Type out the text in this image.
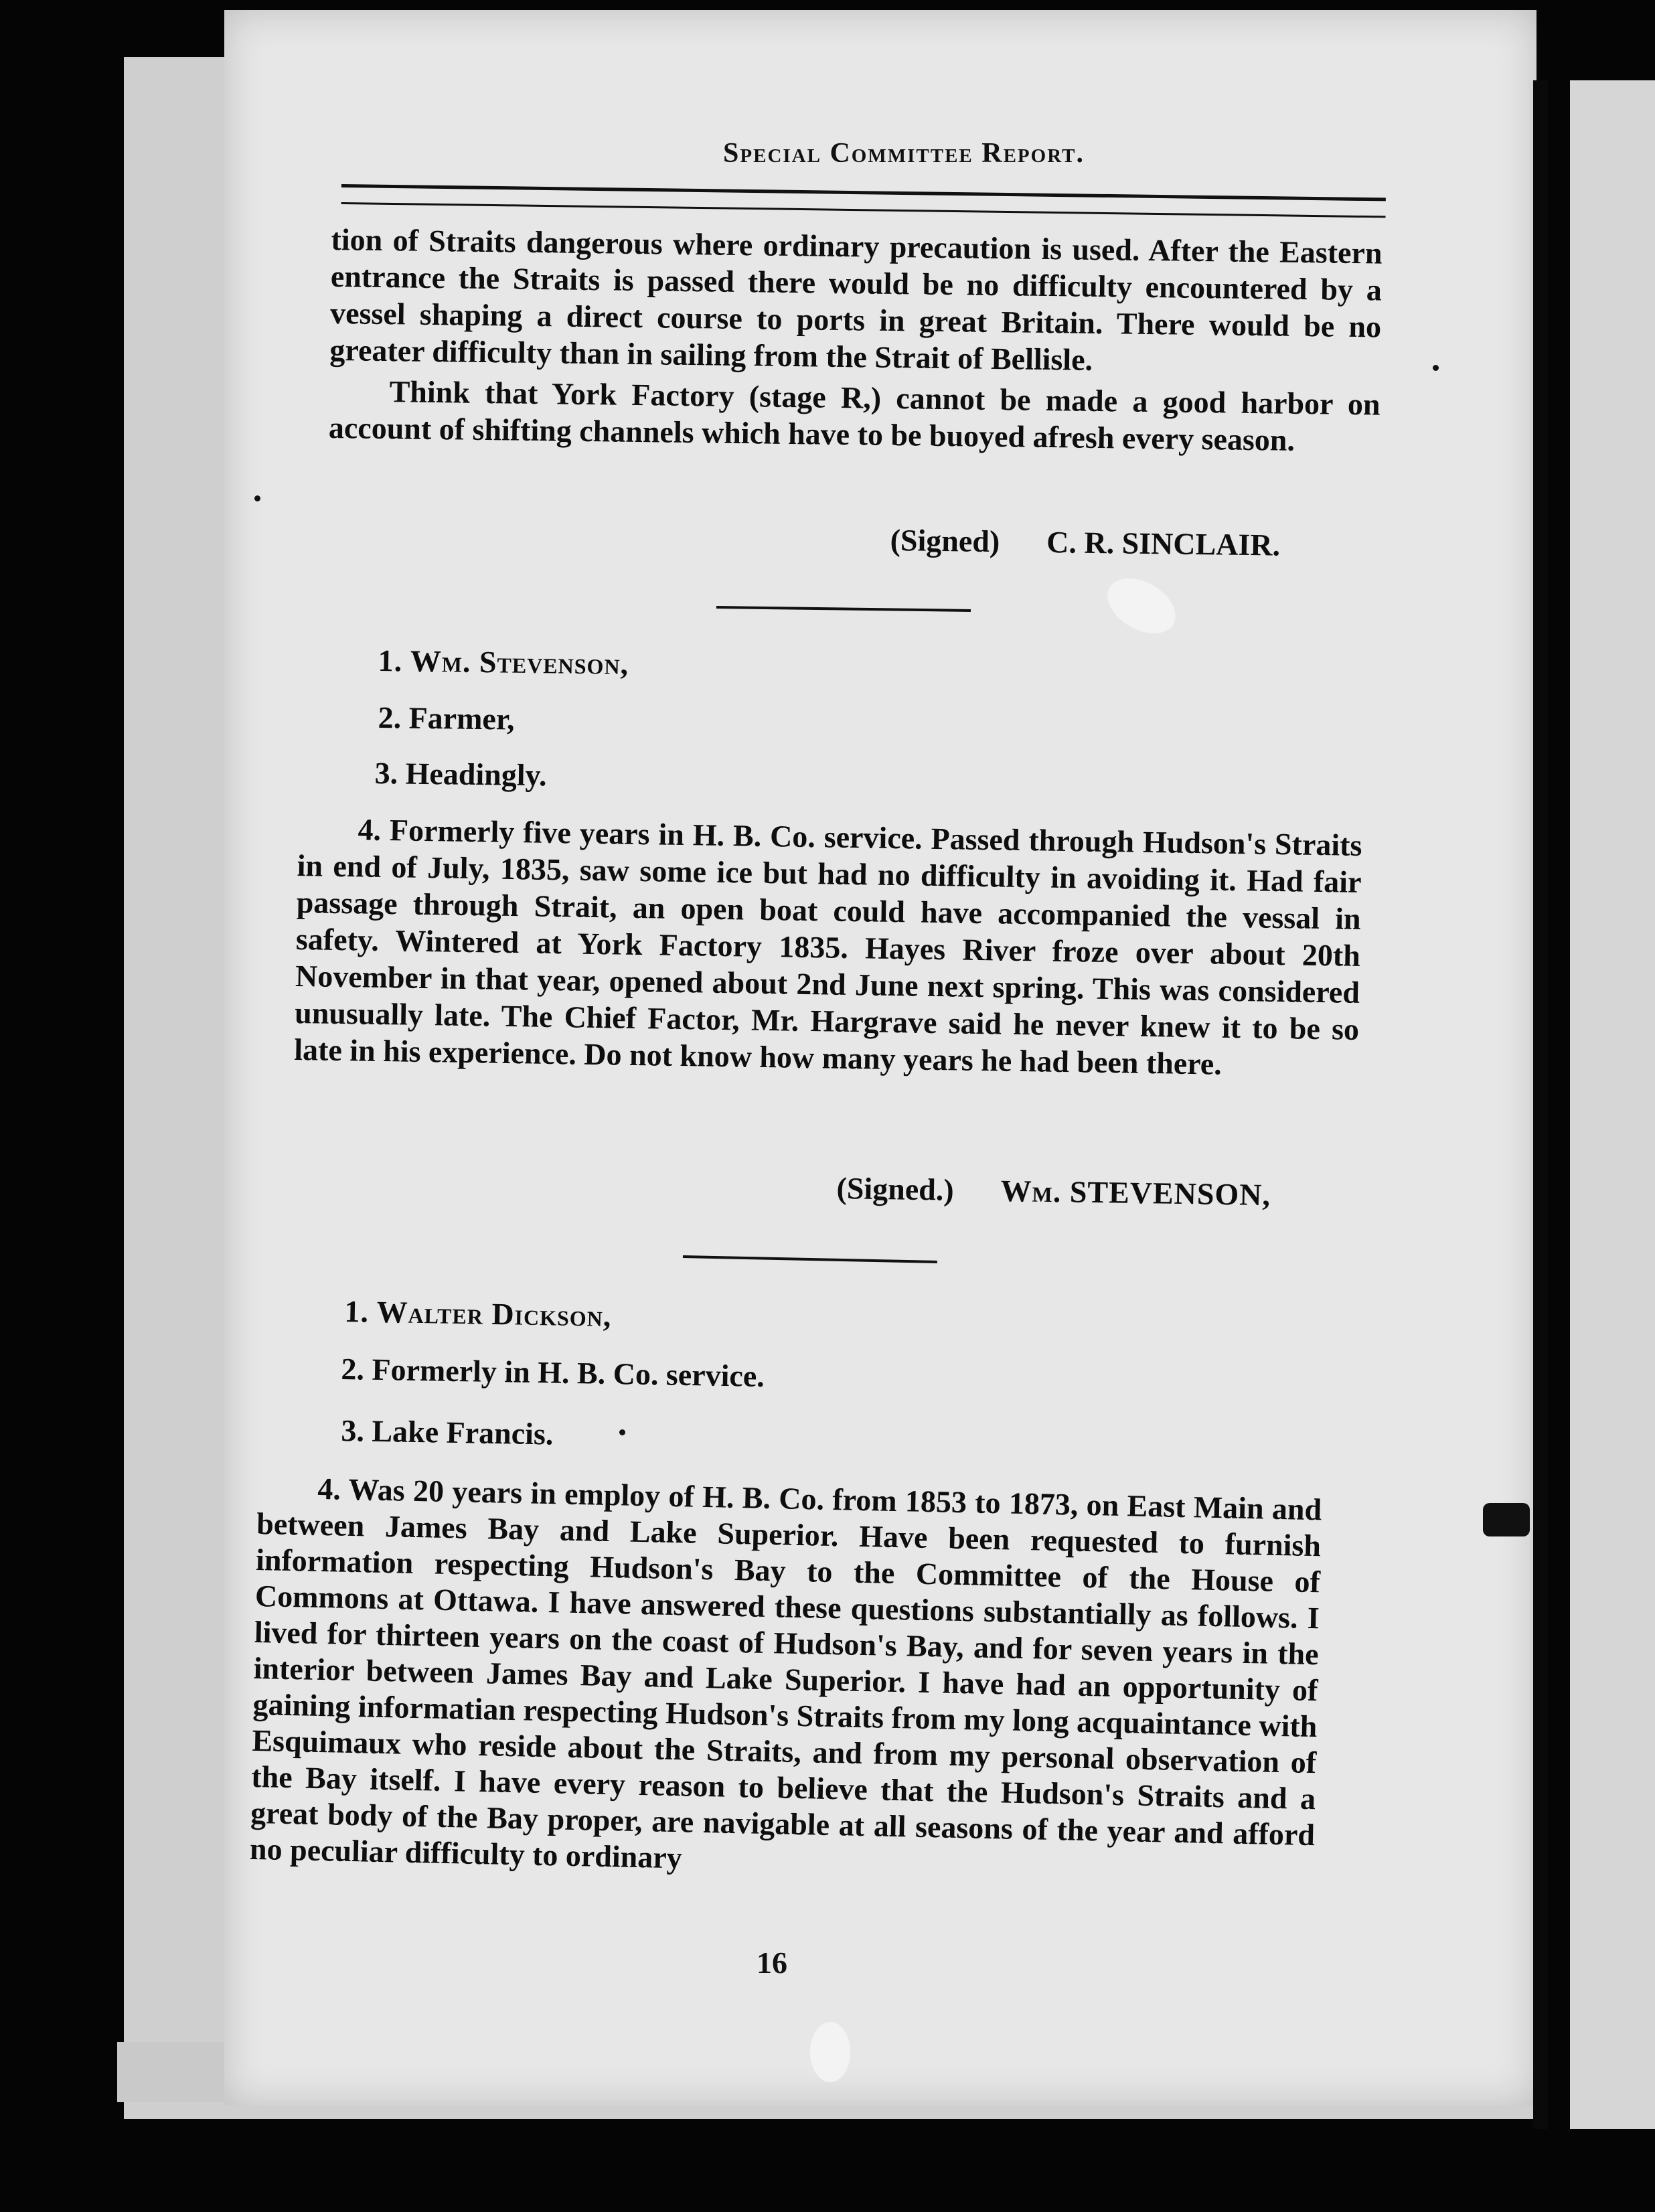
Special Committee Report.

tion of Straits dangerous where ordinary precaution is used. After the Eastern entrance the Straits is passed there would be no difficulty encountered by a vessel shaping a direct course to ports in great Britain. There would be no greater difficulty than in sailing from the Strait of Bellisle.

Think that York Factory (stage R,) cannot be made a good harbor on account of shifting channels which have to be buoyed afresh every season.

(Signed) C. R. SINCLAIR.
1. Wm. Stevenson,
2. Farmer,
3. Headingly.

4. Formerly five years in H. B. Co. service. Passed through Hudson's Straits in end of July, 1835, saw some ice but had no difficulty in avoiding it. Had fair passage through Strait, an open boat could have accompanied the vessal in safety. Wintered at York Factory 1835. Hayes River froze over about 20th November in that year, opened about 2nd June next spring. This was considered unusually late. The Chief Factor, Mr. Hargrave said he never knew it to be so late in his experience. Do not know how many years he had been there.

(Signed.) Wm. STEVENSON,
1. Walter Dickson,
2. Formerly in H. B. Co. service.
3. Lake Francis.

4. Was 20 years in employ of H. B. Co. from 1853 to 1873, on East Main and between James Bay and Lake Superior. Have been requested to furnish information respecting Hudson's Bay to the Committee of the House of Commons at Ottawa. I have answered these questions substantially as follows. I lived for thirteen years on the coast of Hudson's Bay, and for seven years in the interior between James Bay and Lake Superior. I have had an opportunity of gaining informatian respecting Hudson's Straits from my long acquaintance with Esquimaux who reside about the Straits, and from my personal observation of the Bay itself. I have every reason to believe that the Hudson's Straits and a great body of the Bay proper, are navigable at all seasons of the year and afford no peculiar difficulty to ordinary

16
